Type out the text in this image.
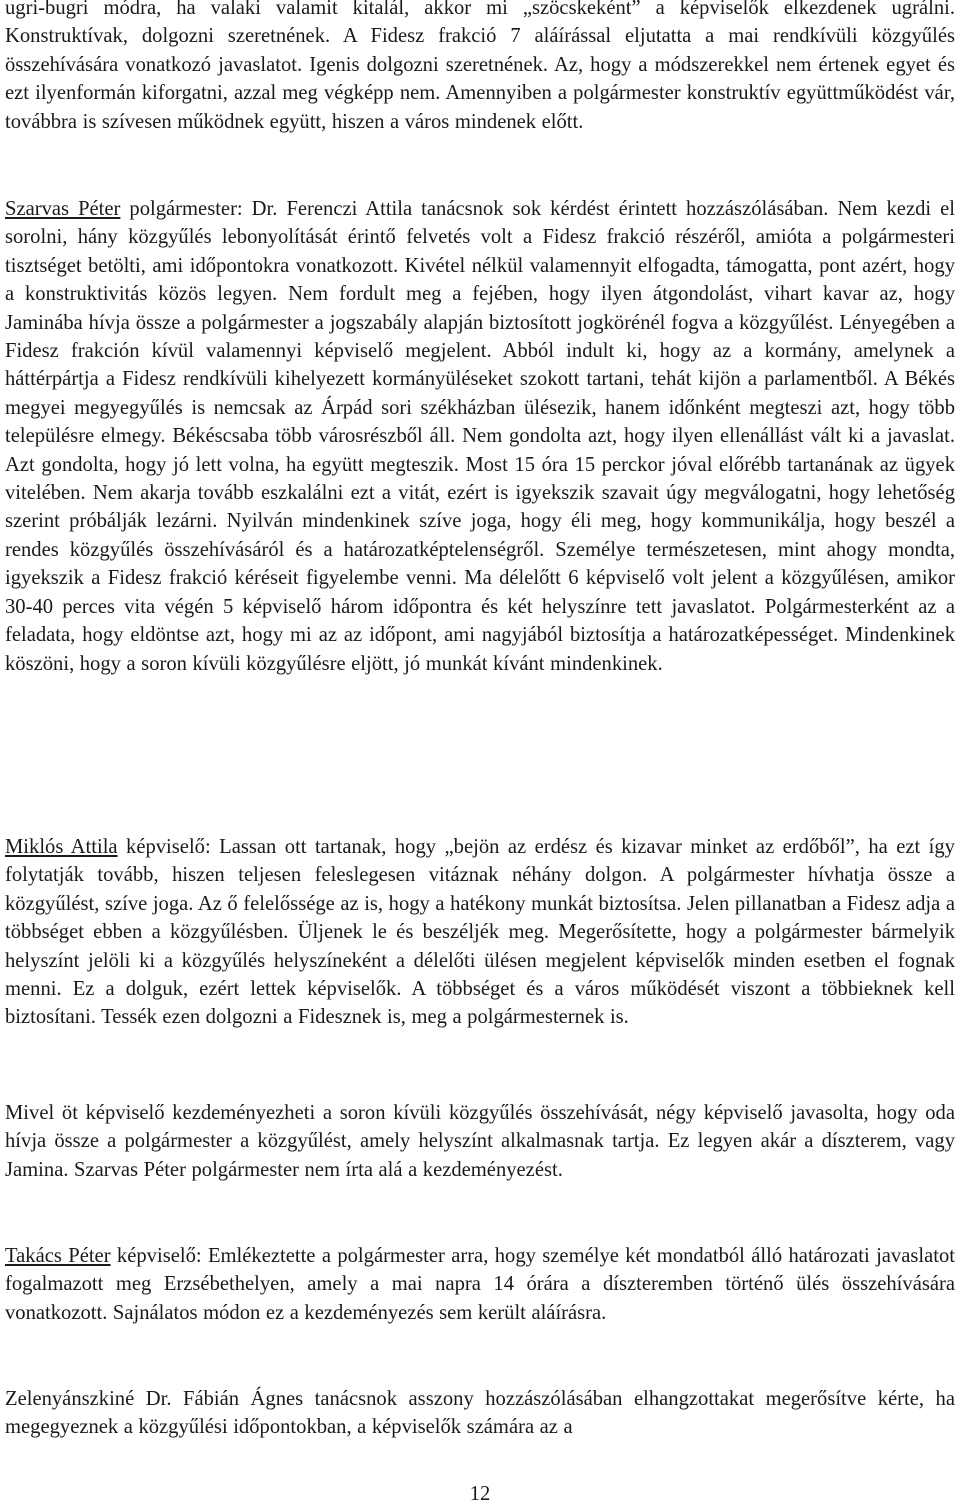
ugri-bugri módra, ha valaki valamit kitalál, akkor mi „szöcskeként” a képviselők elkezdenek ugrálni. Konstruktívak, dolgozni szeretnének. A Fidesz frakció 7 aláírással eljutatta a mai rendkívüli közgyűlés összehívására vonatkozó javaslatot. Igenis dolgozni szeretnének. Az, hogy a módszerekkel nem értenek egyet és ezt ilyenformán kiforgatni, azzal meg végképp nem. Amennyiben a polgármester konstruktív együttműködést vár, továbbra is szívesen működnek együtt, hiszen a város mindenek előtt.

Szarvas Péter polgármester: Dr. Ferenczi Attila tanácsnok sok kérdést érintett hozzászólásában. Nem kezdi el sorolni, hány közgyűlés lebonyolítását érintő felvetés volt a Fidesz frakció részéről, amióta a polgármesteri tisztséget betölti, ami időpontokra vonatkozott. Kivétel nélkül valamennyit elfogadta, támogatta, pont azért, hogy a konstruktivitás közös legyen. Nem fordult meg a fejében, hogy ilyen átgondolást, vihart kavar az, hogy Jaminába hívja össze a polgármester a jogszabály alapján biztosított jogkörénél fogva a közgyűlést. Lényegében a Fidesz frakción kívül valamennyi képviselő megjelent. Abból indult ki, hogy az a kormány, amelynek a háttérpártja a Fidesz rendkívüli kihelyezett kormányüléseket szokott tartani, tehát kijön a parlamentből. A Békés megyei megyegyűlés is nemcsak az Árpád sori székházban ülésezik, hanem időnként megteszi azt, hogy több településre elmegy. Békéscsaba több városrészből áll. Nem gondolta azt, hogy ilyen ellenállást vált ki a javaslat. Azt gondolta, hogy jó lett volna, ha együtt megteszik. Most 15 óra 15 perckor jóval előrébb tartanának az ügyek vitelében. Nem akarja tovább eszkalálni ezt a vitát, ezért is igyekszik szavait úgy megválogatni, hogy lehetőség szerint próbálják lezárni. Nyilván mindenkinek szíve joga, hogy éli meg, hogy kommunikálja, hogy beszél a rendes közgyűlés összehívásáról és a határozatképtelenségről. Személye természetesen, mint ahogy mondta, igyekszik a Fidesz frakció kéréseit figyelembe venni. Ma délelőtt 6 képviselő volt jelent a közgyűlésen, amikor 30-40 perces vita végén 5 képviselő három időpontra és két helyszínre tett javaslatot. Polgármesterként az a feladata, hogy eldöntse azt, hogy mi az az időpont, ami nagyjából biztosítja a határozatképességet. Mindenkinek köszöni, hogy a soron kívüli közgyűlésre eljött, jó munkát kívánt mindenkinek.

Miklós Attila képviselő: Lassan ott tartanak, hogy „bejön az erdész és kizavar minket az erdőből”, ha ezt így folytatják tovább, hiszen teljesen feleslegesen vitáznak néhány dolgon. A polgármester hívhatja össze a közgyűlést, szíve joga. Az ő felelőssége az is, hogy a hatékony munkát biztosítsa. Jelen pillanatban a Fidesz adja a többséget ebben a közgyűlésben. Üljenek le és beszéljék meg. Megerősítette, hogy a polgármester bármelyik helyszínt jelöli ki a közgyűlés helyszíneként a délelőti ülésen megjelent képviselők minden esetben el fognak menni. Ez a dolguk, ezért lettek képviselők. A többséget és a város működését viszont a többieknek kell biztosítani. Tessék ezen dolgozni a Fidesznek is, meg a polgármesternek is.

Mivel öt képviselő kezdeményezheti a soron kívüli közgyűlés összehívását, négy képviselő javasolta, hogy oda hívja össze a polgármester a közgyűlést, amely helyszínt alkalmasnak tartja. Ez legyen akár a díszterem, vagy Jamina. Szarvas Péter polgármester nem írta alá a kezdeményezést.

Takács Péter képviselő: Emlékeztette a polgármester arra, hogy személye két mondatból álló határozati javaslatot fogalmazott meg Erzsébethelyen, amely a mai napra 14 órára a díszteremben történő ülés összehívására vonatkozott. Sajnálatos módon ez a kezdeményezés sem került aláírásra.

Zelenyánszkiné Dr. Fábián Ágnes tanácsnok asszony hozzászólásában elhangzottakat megerősítve kérte, ha megegyeznek a közgyűlési időpontokban, a képviselők számára az a

12
